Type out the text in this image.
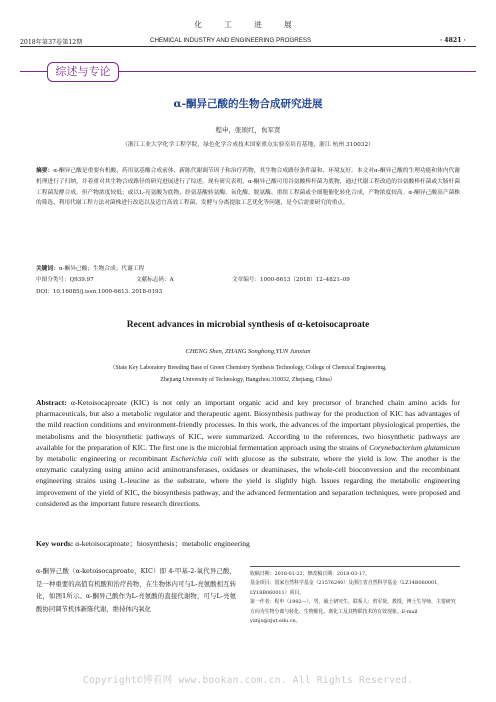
化 工 进 展
2018年第37卷第12期	CHEMICAL INDUSTRY AND ENGINEERING PROGRESS	· 4821 ·
综述与专论
α-酮异己酸的生物合成研究进展
程申，张颂红，贠军贤
（浙江工业大学化学工程学院，绿色化学合成技术国家重点实验室培育基地，浙江 杭州 310032）
摘要：α-酮异己酸是重要有机酸，药用氨基酸合成前体、新陈代谢调节因子和治疗药物，其生物合成路径条件温和、环境友好。本文对α-酮异己酸的生理功能和体内代谢机理进行了归纳，并着重对其生物合成路径的研究进展进行了综述。现有研究表明，α-酮异己酸可用谷氨酸棒杆菌为底物，通过代谢工程改造的谷氨酸棒杆菌或大肠杆菌工程菌发酵合成，但产物浓度较低；或以L-亮氨酸为底物，经氨基酸转氨酶、氧化酶、脱氨酶、重组工程菌或全细胞催化转化合成，产物浓度较高。α-酮异己酸高产菌株的筛选、利用代谢工程方法对菌株进行改造以及适宜高效工程菌、发酵与分离提取工艺优化等问题，是今后需要研究的重点。
关键词：α-酮异己酸；生物合成；代谢工程
中图分类号：Q939.97	文献标志码：A	文章编号：1000-6613（2018）12–4821–09
DOI：10.16085/j.issn.1000-6613. 2018-0193
Recent advances in microbial synthesis of α-ketoisocaproate
CHENG Shen, ZHANG Songhong,YUN Junxian
（State Key Laboratory Breeding Base of Green Chemistry Synthesis Technology, College of Chemical Engineering,
Zhejiang University of Technology, Hangzhou 310032, Zhejiang, China）
Abstract: α-Ketoisocaproate (KIC) is not only an important organic acid and key precursor of branched chain amino acids for pharmaceuticals, but also a metabolic regulator and therapeutic agent. Biosynthesis pathway for the production of KIC has advantages of the mild reaction conditions and environment-friendly processes. In this work, the advances of the important physiological properties, the metabolisms and the biosynthetic pathways of KIC, were summarized. According to the references, two biosynthetic pathways are available for the preparation of KIC. The first one is the microbial fermentation approach using the strains of Corynebacterium glutamicum by metabolic engineering or recombinant Escherichia coli with glucose as the substrate, where the yield is low. The another is the enzymatic catalyzing using amino acid aminotransferases, oxidases or deaminases, the whole-cell bioconversion and the recombinant engineering strains using L-leucine as the substrate, where the yield is slightly high. Issues regarding the metabolic engineering improvement of the yield of KIC, the biosynthesis pathway, and the advanced fermentation and separation techniques, were proposed and considered as the important future research directions.
Key words: α-ketoisocaproate；biosynthesis；metabolic engineering
α-酮异己酸（α-ketoisocaproate，KIC）即 4-甲基-2-氧代异己酸，是一种重要的高值有机酸和治疗药物，在生物体内可与L-亮氨酸相互转化，如图1所示。α-酮异己酸作为L-亮氨酸的直接代谢物，可与L-亮氨酸协同调节机体新陈代谢，维持体内氧化
收稿日期：2018-01-22；修改稿日期：2018-03-17。
基金项目：国家自然科学基金（21576240）及浙江省自然科学基金（LZ14B060001，LY18B060011）项目。
第一作者：程申（1992—），男，硕士研究生。联系人：贠军贤，教授，博士生导师，主要研究方向为生物分离与转化、生物催化、离化工及其物联技术的有效现象。E-mail yunjx@zjut.edu.cn。
Copyright©博看网 www.bookan.com.cn. All Rights Reserved.
